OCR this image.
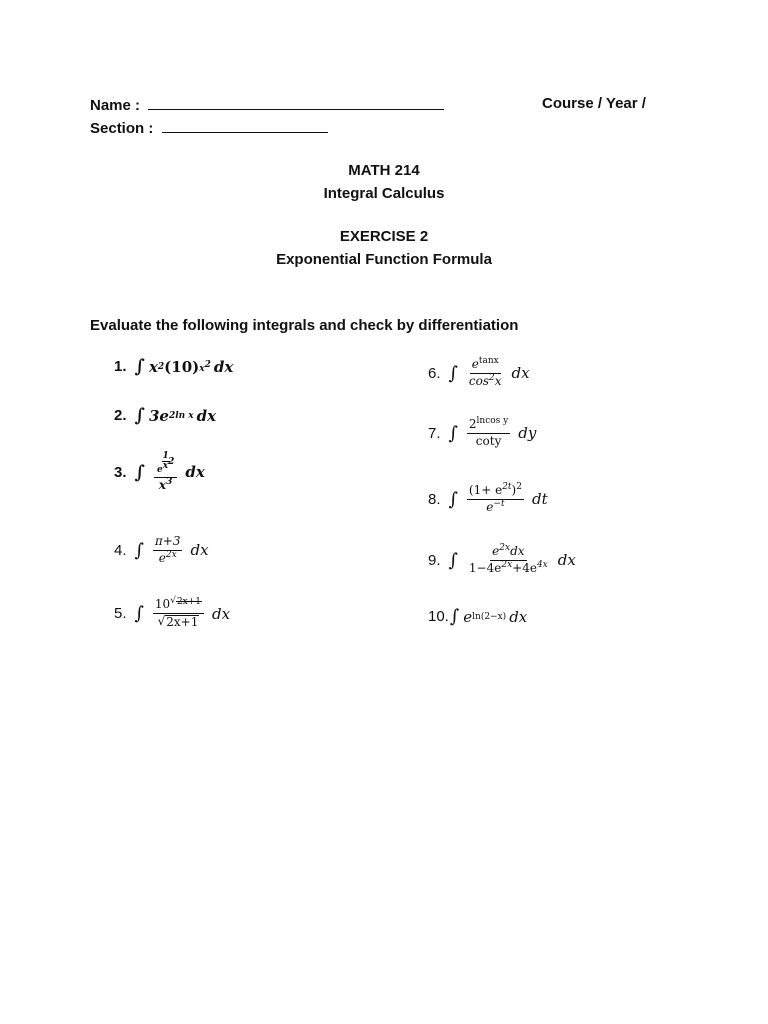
Name :	Course / Year /
Section :
MATH 214
Integral Calculus
EXERCISE 2
Exponential Function Formula
Evaluate the following integrals and check by differentiation
1. ∫ x 2 (10) $x^2$ dx
2. ∫ 3e 2ln x dx
3. ∫ 1
$e^{x^2}$
$x^3$ dx
4. ∫ $\frac{\pi+3}{e^{2x}}$ dx
5. ∫ $\frac{10 ^{√ 2x+1}}{√ 2x+1}$ dx
6. ∫ $\frac{e^{tanx}}{\cos^2x}$ dx
7. ∫ $\frac{2^{lncos y}}{\cot y}$ dy
8. ∫ $\frac{(1+ e^{2t})^2}{e^{-t}}$ dt
9. ∫ $\frac{e^{2x}dx}{1-4e^{2x}+4e^{4x}}$ dx
10. ∫ e ln(2−x) dx
